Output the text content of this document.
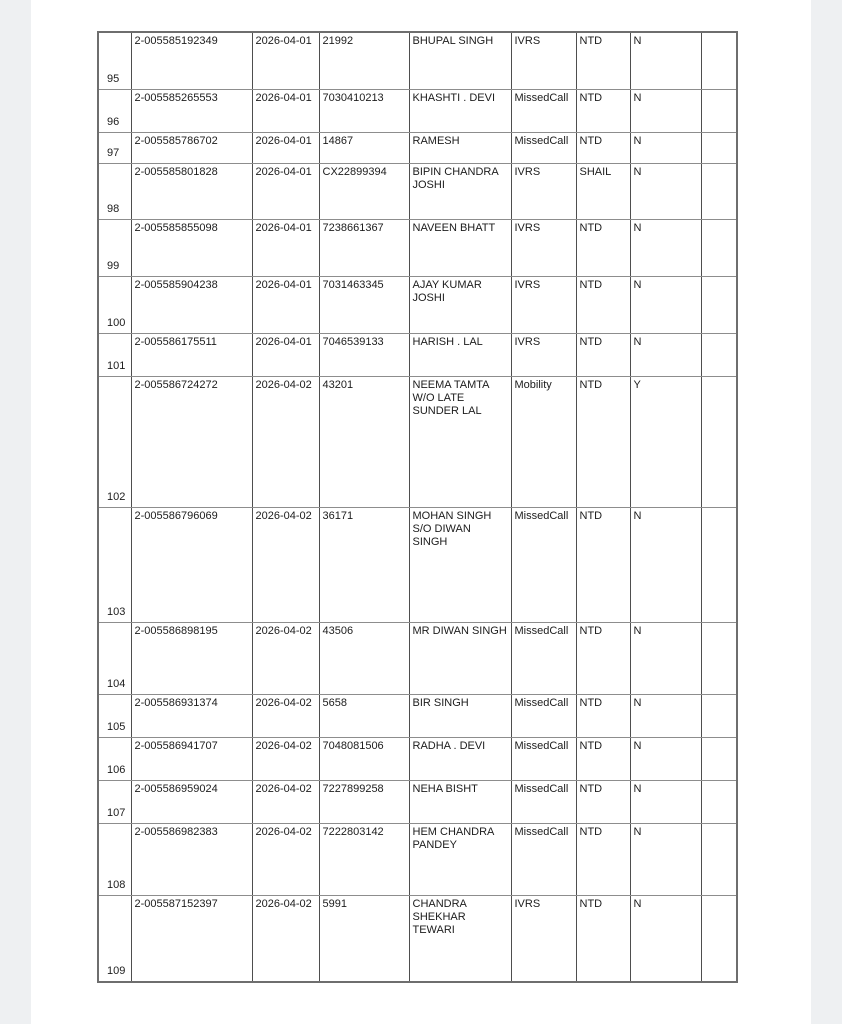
95	2-005585192349	2026-04-01	21992	BHUPAL SINGH	IVRS	NTD	N	
96	2-005585265553	2026-04-01	7030410213	KHASHTI . DEVI	MissedCall	NTD	N	
97	2-005585786702	2026-04-01	14867	RAMESH	MissedCall	NTD	N	
98	2-005585801828	2026-04-01	CX22899394	BIPIN CHANDRA JOSHI	IVRS	SHAIL	N	
99	2-005585855098	2026-04-01	7238661367	NAVEEN BHATT	IVRS	NTD	N	
100	2-005585904238	2026-04-01	7031463345	AJAY KUMAR JOSHI	IVRS	NTD	N	
101	2-005586175511	2026-04-01	7046539133	HARISH . LAL	IVRS	NTD	N	
102	2-005586724272	2026-04-02	43201	NEEMA TAMTA W/O LATE SUNDER LAL	Mobility	NTD	Y	
103	2-005586796069	2026-04-02	36171	MOHAN SINGH S/O DIWAN SINGH	MissedCall	NTD	N	
104	2-005586898195	2026-04-02	43506	MR DIWAN SINGH	MissedCall	NTD	N	
105	2-005586931374	2026-04-02	5658	BIR SINGH	MissedCall	NTD	N	
106	2-005586941707	2026-04-02	7048081506	RADHA . DEVI	MissedCall	NTD	N	
107	2-005586959024	2026-04-02	7227899258	NEHA BISHT	MissedCall	NTD	N	
108	2-005586982383	2026-04-02	7222803142	HEM CHANDRA PANDEY	MissedCall	NTD	N	
109	2-005587152397	2026-04-02	5991	CHANDRA SHEKHAR TEWARI	IVRS	NTD	N	
